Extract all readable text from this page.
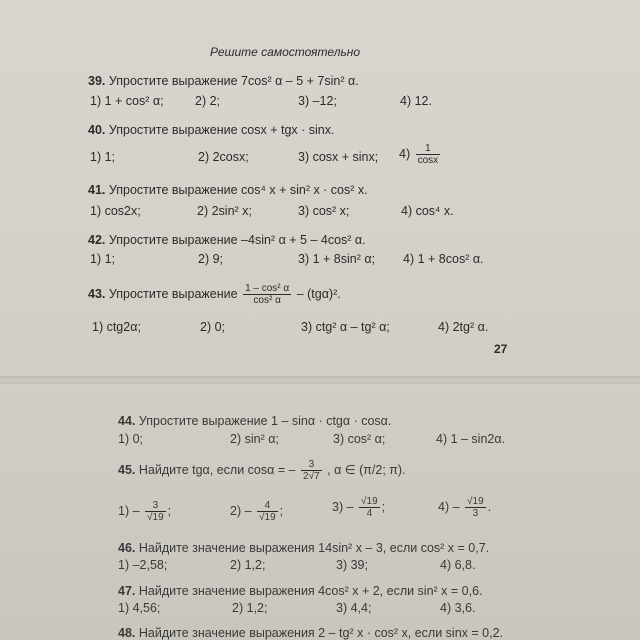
Решите самостоятельно
39. Упростите выражение 7cos² α – 5 + 7sin² α.
1) 1 + cos² α;	2) 2;	3) –12;	4) 12.
40. Упростите выражение cosx + tgx · sinx.
1) 1;	2) 2cosx;	3) cosx + sinx; $4) \frac{1}{\cos x}$
41. Упростите выражение cos⁴ x + sin² x · cos² x.
1) cos2x;	2) 2sin² x;	3) cos² x;	4) cos⁴ x.
42. Упростите выражение –4sin² α + 5 – 4cos² α.
1) 1;	2) 9;	3) 1 + 8sin² α; 4) 1 + 8cos² α.
43. Упростите выражение $\frac{\text{1 – cos² α}}{\text{cos² α}} - (tg\alpha)^2$.
1) ctg2α;	2) 0;	3) ctg² α – tg² α;	4) 2tg² α.
27
44. Упростите выражение 1 – sinα · ctgα · cosα.
1) 0;	2) sin² α;	3) cos² α;	4) 1 – sin2α.
45. Найдите tgα, если cosα = – $\frac{3}{2√7}$ , α ∈ (π/2; π).
$1) - \frac{3}{√19}$ ;	$2) - \frac{4}{√19}$ ;	$3) - \frac{√19}{4}$ ;	$4) - \frac{√19}{3}$ .
46. Найдите значение выражения 14sin² x – 3, если cos² x = 0,7.
1) –2,58;	2) 1,2;	3) 39;	4) 6,8.
47. Найдите значение выражения 4cos² x + 2, если sin² x = 0,6.
1) 4,56;	2) 1,2;	3) 4,4;	4) 3,6.
48. Найдите значение выражения 2 – tg² x · cos² x, если sinx = 0,2.
